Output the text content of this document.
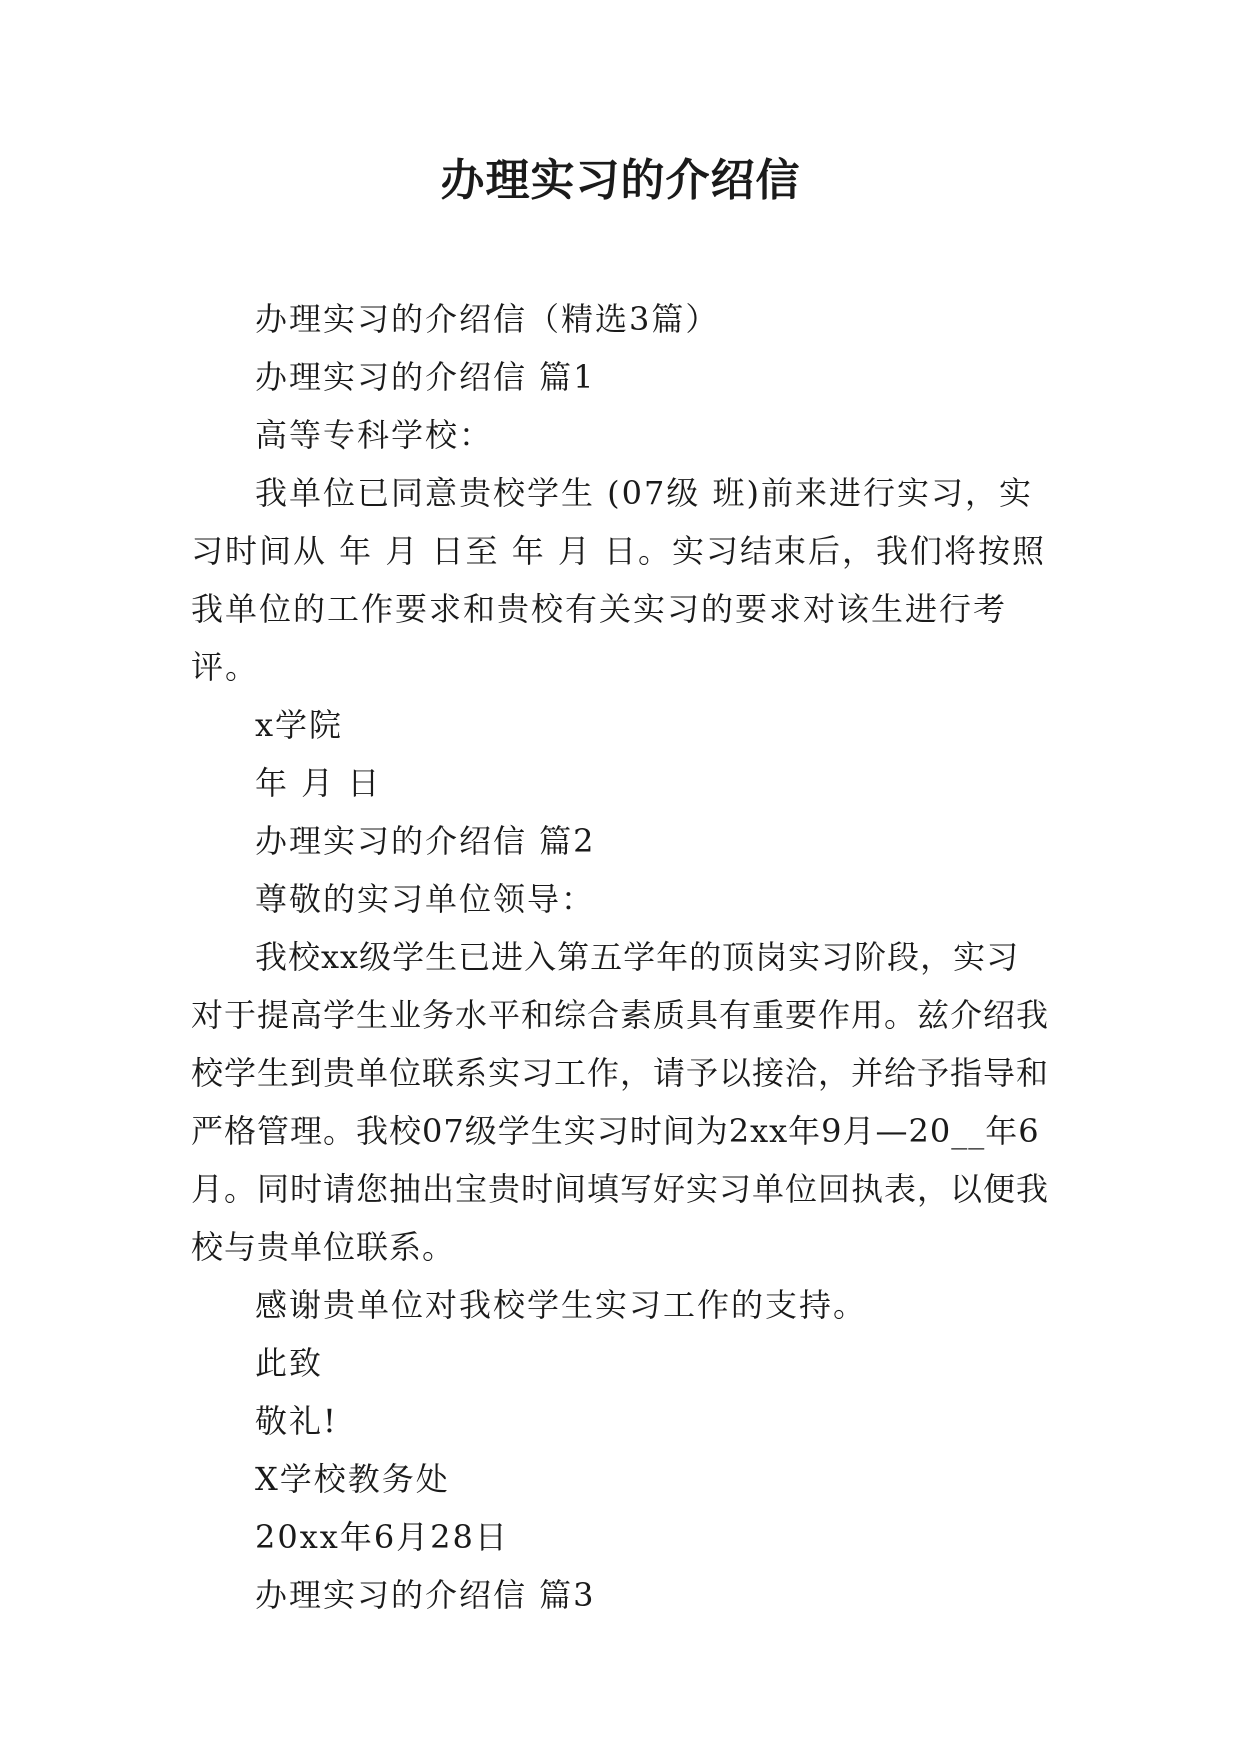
办理实习的介绍信

办理实习的介绍信（精选3篇）

办理实习的介绍信 篇1

高等专科学校：

我单位已同意贵校学生 (07级 班)前来进行实习，实习时间从 年 月 日至 年 月 日。实习结束后，我们将按照我单位的工作要求和贵校有关实习的要求对该生进行考评。

x学院

年 月 日

办理实习的介绍信 篇2

尊敬的实习单位领导：

我校xx级学生已进入第五学年的顶岗实习阶段，实习对于提高学生业务水平和综合素质具有重要作用。兹介绍我校学生到贵单位联系实习工作，请予以接洽，并给予指导和严格管理。我校07级学生实习时间为2xx年9月—20__年6月。同时请您抽出宝贵时间填写好实习单位回执表，以便我校与贵单位联系。

感谢贵单位对我校学生实习工作的支持。

此致

敬礼!

X学校教务处

20xx年6月28日

办理实习的介绍信 篇3
